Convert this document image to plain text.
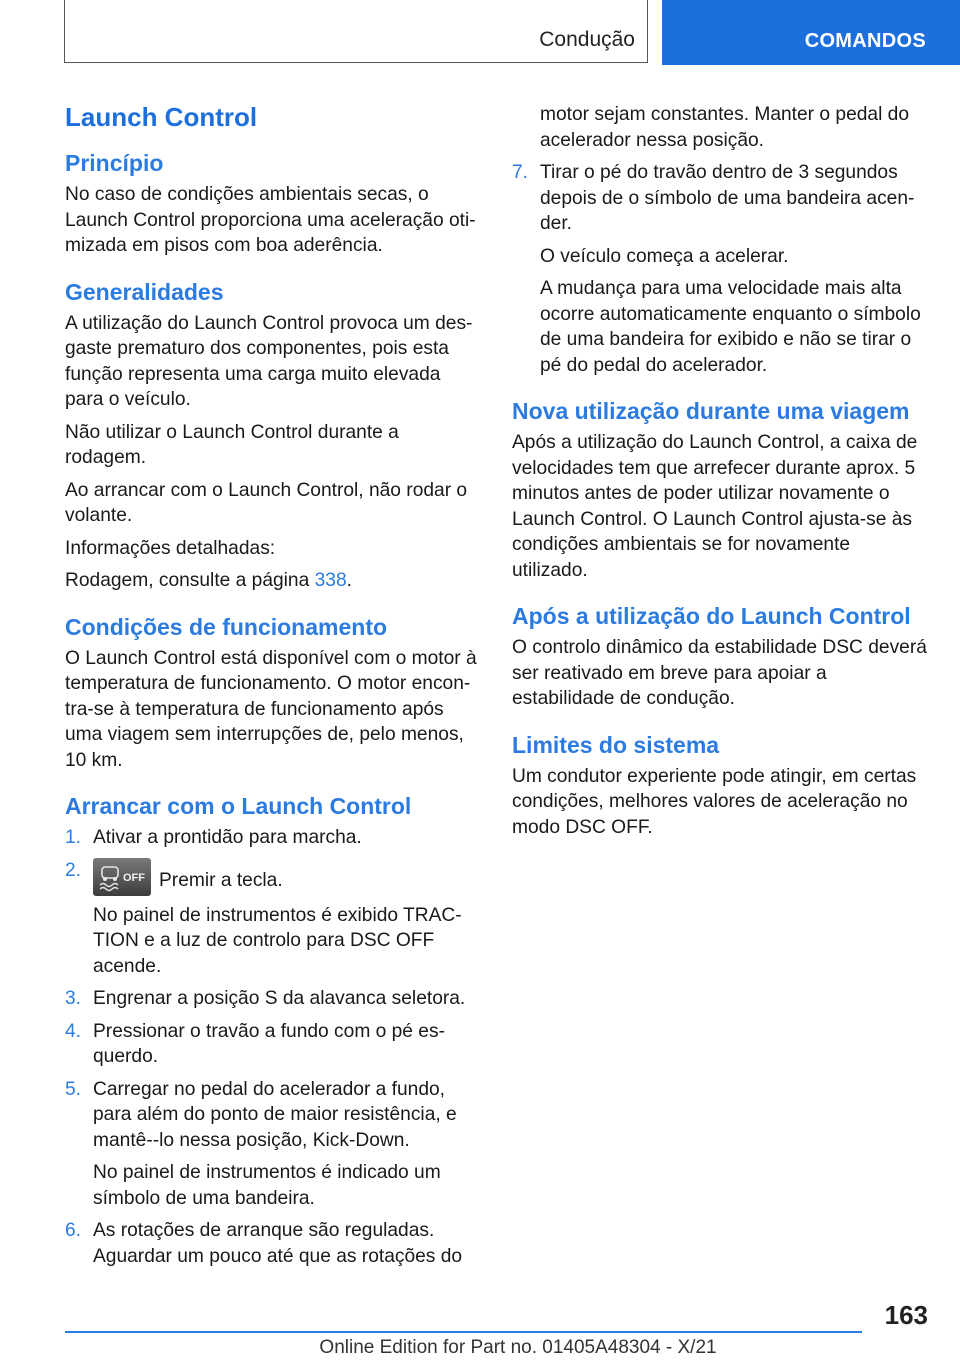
Condução	COMANDOS
Launch Control
Princípio

No caso de condições ambientais secas, o Launch Control proporciona uma aceleração oti-mizada em pisos com boa aderência.

Generalidades

A utilização do Launch Control provoca um des-gaste prematuro dos componentes, pois esta função representa uma carga muito elevada para o veículo.

Não utilizar o Launch Control durante a rodagem.

Ao arrancar com o Launch Control, não rodar o volante.

Informações detalhadas:

Rodagem, consulte a página 338.

Condições de funcionamento

O Launch Control está disponível com o motor à temperatura de funcionamento. O motor encon-tra-se à temperatura de funcionamento após uma viagem sem interrupções de, pelo menos, 10 km.

Arrancar com o Launch Control
1. Ativar a prontidão para marcha.

2.	OFF Premir a tecla.

No painel de instrumentos é exibido TRAC-TION e a luz de controlo para DSC OFF acende.

3. Engrenar a posição S da alavanca seletora.

4. Pressionar o travão a fundo com o pé es-querdo.

5. Carregar no pedal do acelerador a fundo, para além do ponto de maior resistência, e mantê--lo nessa posição, Kick-Down.

No painel de instrumentos é indicado um símbolo de uma bandeira.

6. As rotações de arranque são reguladas. Aguardar um pouco até que as rotações do

motor sejam constantes. Manter o pedal do acelerador nessa posição.

7. Tirar o pé do travão dentro de 3 segundos depois de o símbolo de uma bandeira acen-der.

O veículo começa a acelerar.

A mudança para uma velocidade mais alta ocorre automaticamente enquanto o símbolo de uma bandeira for exibido e não se tirar o pé do pedal do acelerador.

Nova utilização durante uma viagem

Após a utilização do Launch Control, a caixa de velocidades tem que arrefecer durante aprox. 5 minutos antes de poder utilizar novamente o Launch Control. O Launch Control ajusta-se às condições ambientais se for novamente utilizado.

Após a utilização do Launch Control

O controlo dinâmico da estabilidade DSC deverá ser reativado em breve para apoiar a estabilidade de condução.

Limites do sistema

Um condutor experiente pode atingir, em certas condições, melhores valores de aceleração no modo DSC OFF.

163
Online Edition for Part no. 01405A48304 - X/21
